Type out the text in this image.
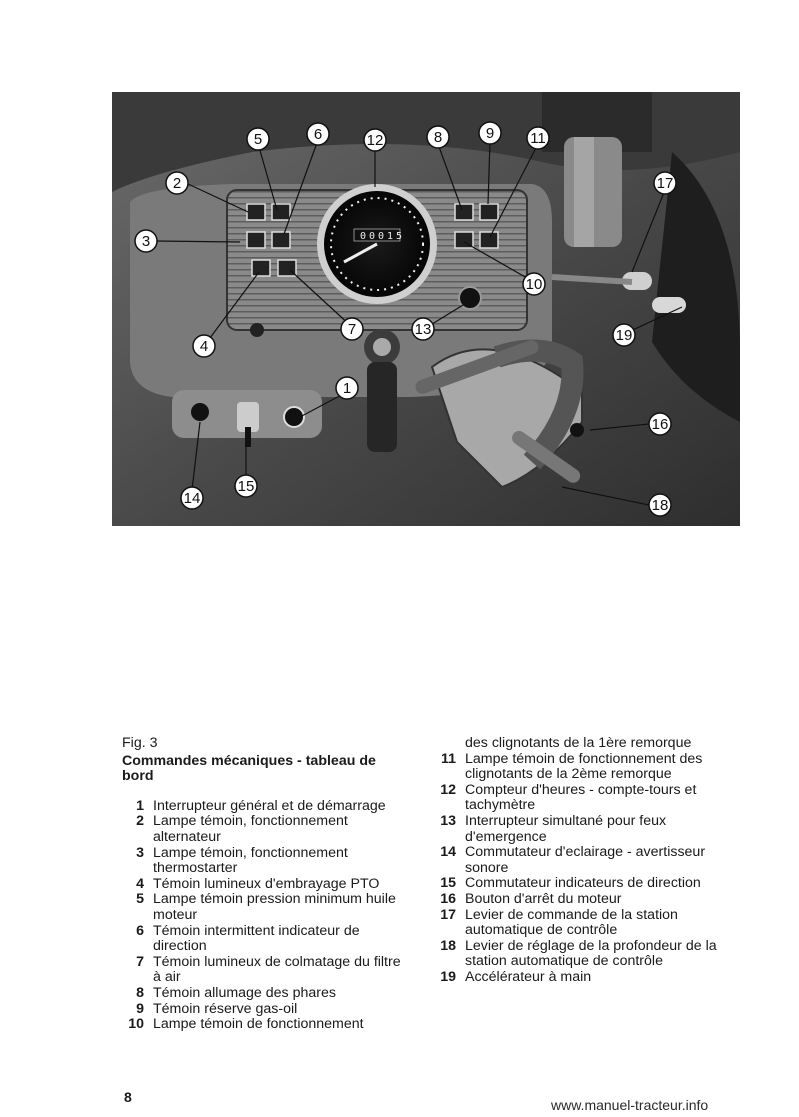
0 0 0 1 5
1
2
3
4
5	6
7
8	9
10
11
12
13
14
15
16
17
18
19
Fig. 3
Commandes mécaniques - tableau de bord
1 Interrupteur général et de démarrage
2 Lampe témoin, fonctionnement alternateur
3 Lampe témoin, fonctionnement thermostarter
4 Témoin lumineux d'embrayage PTO
5 Lampe témoin pression minimum huile moteur
6 Témoin intermittent indicateur de direction
7 Témoin lumineux de colmatage du filtre à air
8 Témoin allumage des phares
9 Témoin réserve gas-oil
10 Lampe témoin de fonctionnement
des clignotants de la 1ère remorque
11 Lampe témoin de fonctionnement des clignotants de la 2ème remorque
12 Compteur d'heures - compte-tours et tachymètre
13 Interrupteur simultané pour feux d'emergence
14 Commutateur d'eclairage - avertisseur sonore
15 Commutateur indicateurs de direction
16 Bouton d'arrêt du moteur
17 Levier de commande de la station automatique de contrôle
18 Levier de réglage de la profondeur de la station automatique de contrôle
19 Accélérateur à main
8	www.manuel-tracteur.info
